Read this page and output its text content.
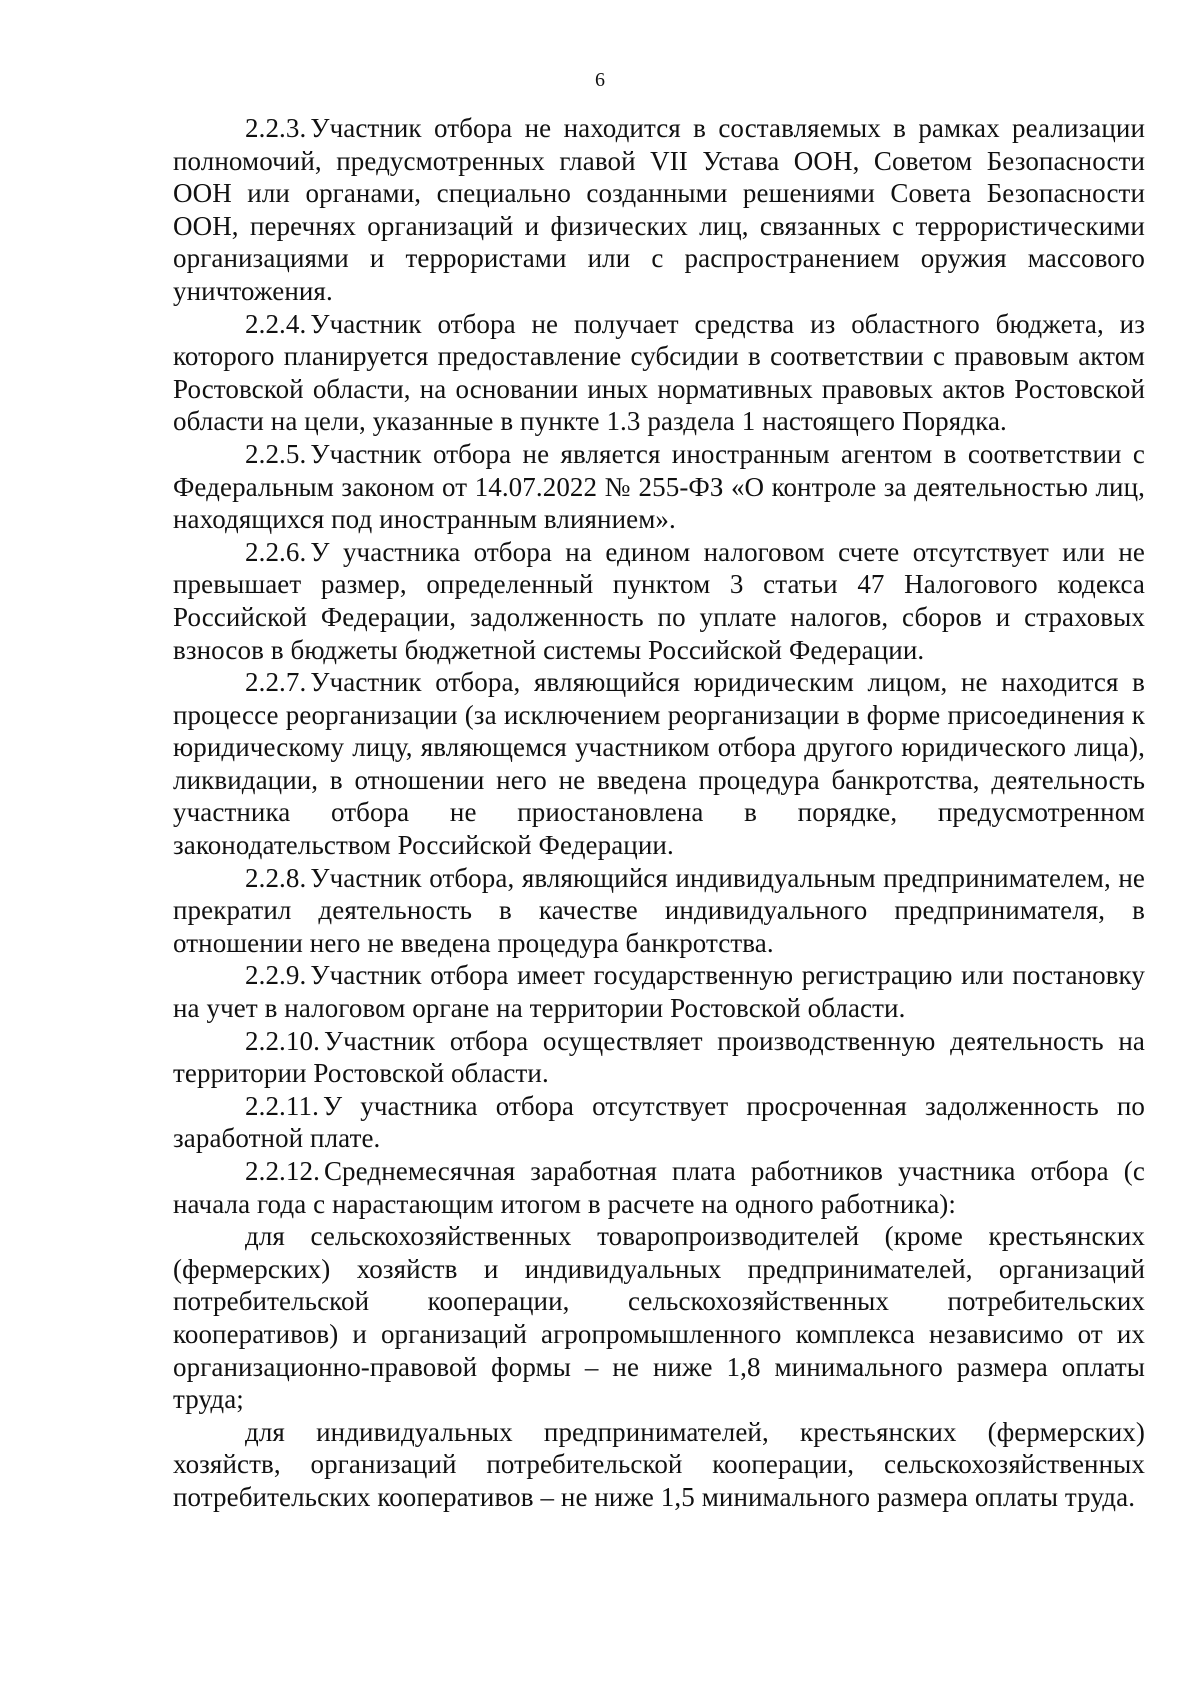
6

2.2.3. Участник отбора не находится в составляемых в рамках реализации полномочий, предусмотренных главой VII Устава ООН, Советом Безопасности ООН или органами, специально созданными решениями Совета Безопасности ООН, перечнях организаций и физических лиц, связанных с террористическими организациями и террористами или с распространением оружия массового уничтожения.

2.2.4. Участник отбора не получает средства из областного бюджета, из которого планируется предоставление субсидии в соответствии с правовым актом Ростовской области, на основании иных нормативных правовых актов Ростовской области на цели, указанные в пункте 1.3 раздела 1 настоящего Порядка.

2.2.5. Участник отбора не является иностранным агентом в соответствии с Федеральным законом от 14.07.2022 № 255-ФЗ «О контроле за деятельностью лиц, находящихся под иностранным влиянием».

2.2.6. У участника отбора на едином налоговом счете отсутствует или не превышает размер, определенный пунктом 3 статьи 47 Налогового кодекса Российской Федерации, задолженность по уплате налогов, сборов и страховых взносов в бюджеты бюджетной системы Российской Федерации.

2.2.7. Участник отбора, являющийся юридическим лицом, не находится в процессе реорганизации (за исключением реорганизации в форме присоединения к юридическому лицу, являющемся участником отбора другого юридического лица), ликвидации, в отношении него не введена процедура банкротства, деятельность участника отбора не приостановлена в порядке, предусмотренном законодательством Российской Федерации.

2.2.8. Участник отбора, являющийся индивидуальным предпринимателем, не прекратил деятельность в качестве индивидуального предпринимателя, в отношении него не введена процедура банкротства.

2.2.9. Участник отбора имеет государственную регистрацию или постановку на учет в налоговом органе на территории Ростовской области.

2.2.10. Участник отбора осуществляет производственную деятельность на территории Ростовской области.

2.2.11. У участника отбора отсутствует просроченная задолженность по заработной плате.

2.2.12. Среднемесячная заработная плата работников участника отбора (с начала года с нарастающим итогом в расчете на одного работника):

для сельскохозяйственных товаропроизводителей (кроме крестьянских (фермерских) хозяйств и индивидуальных предпринимателей, организаций потребительской кооперации, сельскохозяйственных потребительских кооперативов) и организаций агропромышленного комплекса независимо от их организационно-правовой формы – не ниже 1,8 минимального размера оплаты труда;

для индивидуальных предпринимателей, крестьянских (фермерских) хозяйств, организаций потребительской кооперации, сельскохозяйственных потребительских кооперативов – не ниже 1,5 минимального размера оплаты труда.
